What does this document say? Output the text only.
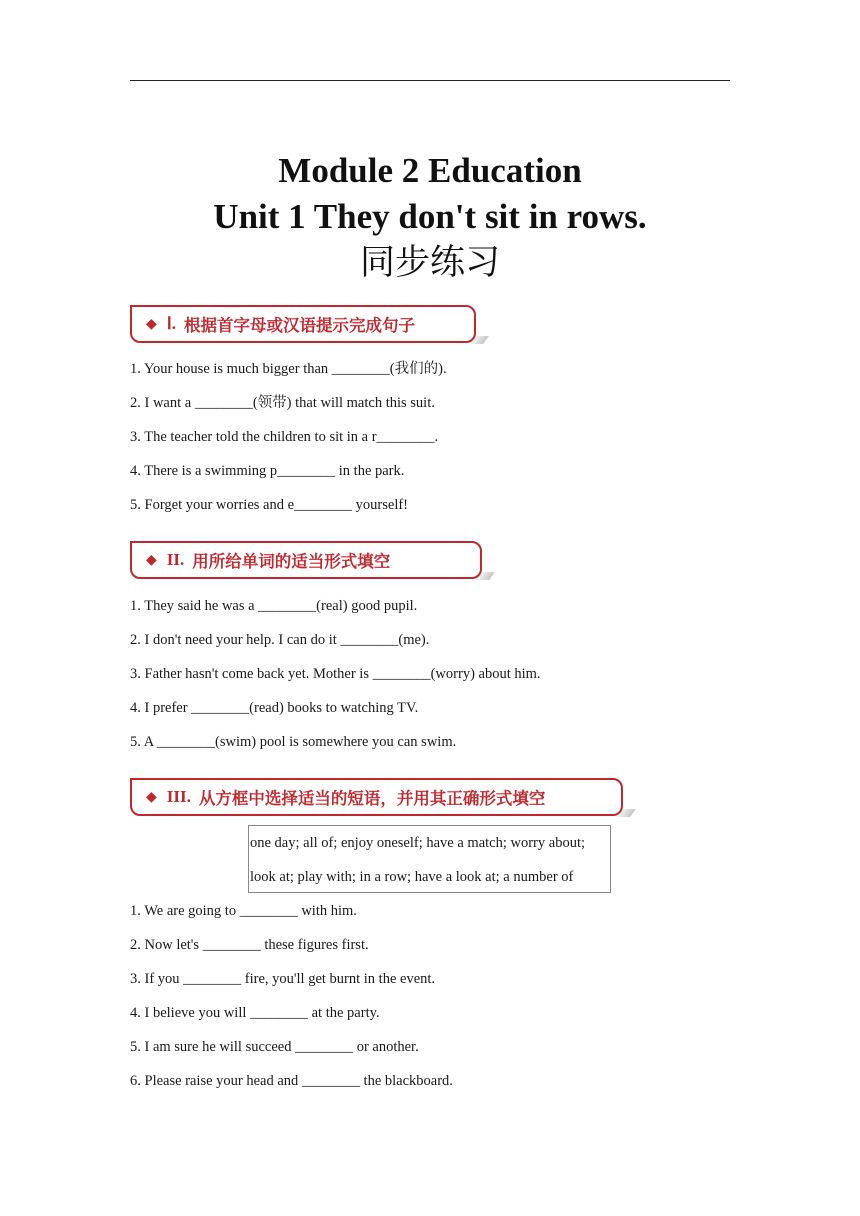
Module 2 Education
Unit 1 They don't sit in rows.
同步练习
◆ Ⅰ. 根据首字母或汉语提示完成句子
1. Your house is much bigger than ________(我们的).
2. I want a ________(领带) that will match this suit.
3. The teacher told the children to sit in a r________.
4. There is a swimming p________ in the park.
5. Forget your worries and e________ yourself!
◆ II. 用所给单词的适当形式填空
1. They said he was a ________(real) good pupil.
2. I don't need your help. I can do it ________(me).
3. Father hasn't come back yet. Mother is ________(worry) about him.
4. I prefer ________(read) books to watching TV.
5. A ________(swim) pool is somewhere you can swim.
◆ III. 从方框中选择适当的短语，并用其正确形式填空
one day; all of; enjoy oneself; have a match; worry about;
look at; play with; in a row; have a look at; a number of
1. We are going to ________ with him.
2. Now let's ________ these figures first.
3. If you ________ fire, you'll get burnt in the event.
4. I believe you will ________ at the party.
5. I am sure he will succeed ________ or another.
6. Please raise your head and ________ the blackboard.
